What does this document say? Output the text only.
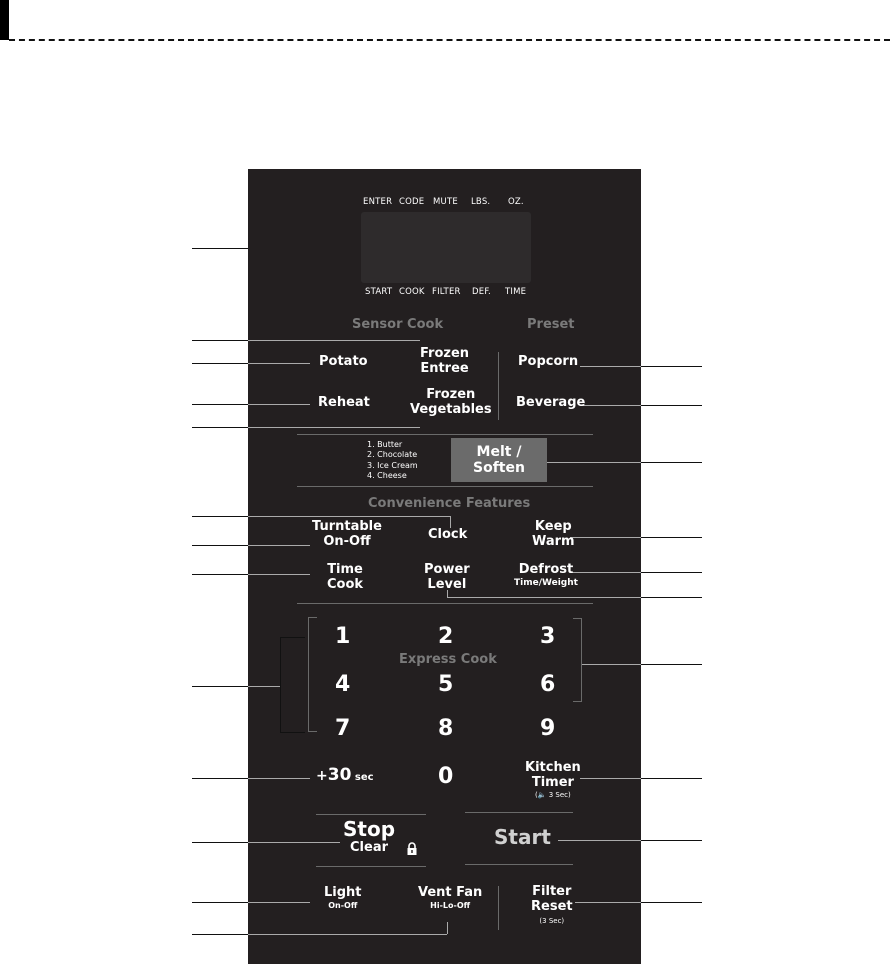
ENTER CODE MUTE LBS. OZ.
START COOK FILTER DEF. TIME
Sensor Cook	Preset
Potato
Frozen
Entree	Popcorn
Reheat
Frozen
Vegetables Beverage
1. Butter
2. Chocolate
3. Ice Cream
4. Cheese
Melt /
Soften
Convenience Features
Turntable
On-Off	Clock
Keep
Warm
Time
Cook
Power
Level
Defrost
Time/Weight
1	2	3
Express Cook
4	5	6
7	8	9
+30 sec	0	Kitchen
Timer
(🔈 3 Sec)
Stop
Clear	Start
Light
On-Off
Vent Fan
Hi-Lo-Off
Filter
Reset
(3 Sec)
